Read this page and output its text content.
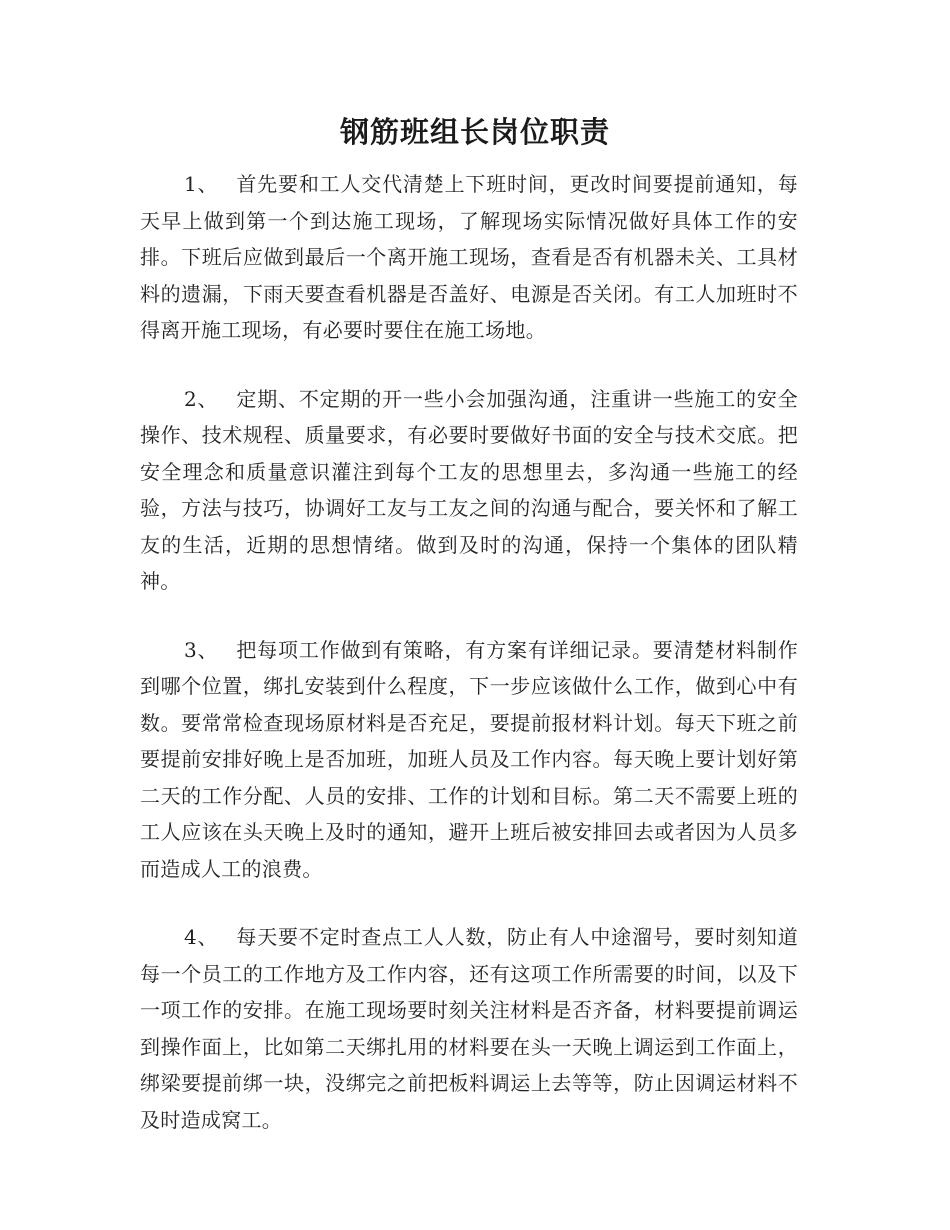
钢筋班组长岗位职责

1、 首先要和工人交代清楚上下班时间，更改时间要提前通知，每天早上做到第一个到达施工现场，了解现场实际情况做好具体工作的安排。下班后应做到最后一个离开施工现场，查看是否有机器未关、工具材料的遗漏，下雨天要查看机器是否盖好、电源是否关闭。有工人加班时不得离开施工现场，有必要时要住在施工场地。

2、 定期、不定期的开一些小会加强沟通，注重讲一些施工的安全操作、技术规程、质量要求，有必要时要做好书面的安全与技术交底。把安全理念和质量意识灌注到每个工友的思想里去，多沟通一些施工的经验，方法与技巧，协调好工友与工友之间的沟通与配合，要关怀和了解工友的生活，近期的思想情绪。做到及时的沟通，保持一个集体的团队精神。

3、 把每项工作做到有策略，有方案有详细记录。要清楚材料制作到哪个位置，绑扎安装到什么程度，下一步应该做什么工作，做到心中有数。要常常检查现场原材料是否充足，要提前报材料计划。每天下班之前要提前安排好晚上是否加班，加班人员及工作内容。每天晚上要计划好第二天的工作分配、人员的安排、工作的计划和目标。第二天不需要上班的工人应该在头天晚上及时的通知，避开上班后被安排回去或者因为人员多而造成人工的浪费。

4、 每天要不定时查点工人人数，防止有人中途溜号，要时刻知道每一个员工的工作地方及工作内容，还有这项工作所需要的时间，以及下一项工作的安排。在施工现场要时刻关注材料是否齐备，材料要提前调运到操作面上，比如第二天绑扎用的材料要在头一天晚上调运到工作面上，绑梁要提前绑一块，没绑完之前把板料调运上去等等，防止因调运材料不及时造成窝工。
